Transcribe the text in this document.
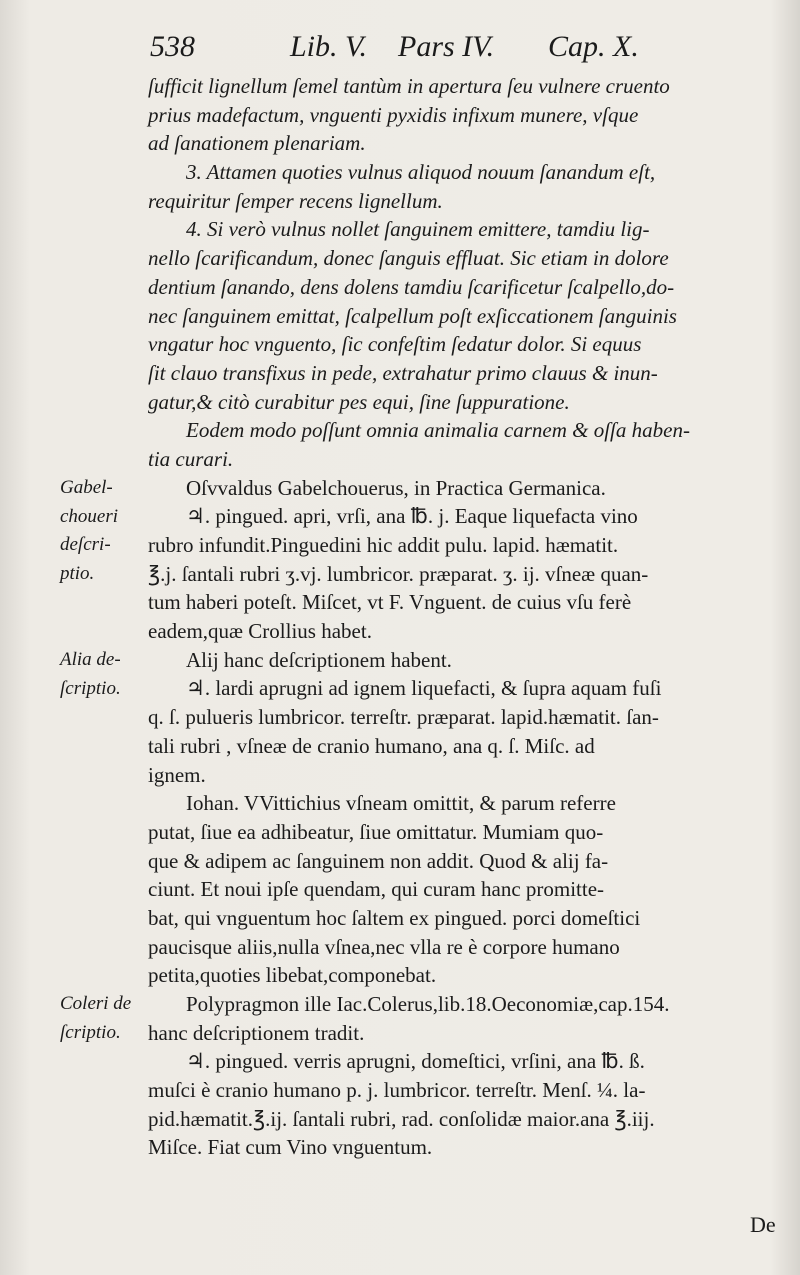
538	Lib. V. Pars IV. Cap. X.
ſufficit lignellum ſemel tantùm in apertura ſeu vulnere cruento
prius madefactum, vnguenti pyxidis infixum munere, vſque
ad ſanationem plenariam.
3. Attamen quoties vulnus aliquod nouum ſanandum eſt,
requiritur ſemper recens lignellum.
4. Si verò vulnus nollet ſanguinem emittere, tamdiu lig-
nello ſcarificandum, donec ſanguis effluat. Sic etiam in dolore
dentium ſanando, dens dolens tamdiu ſcarificetur ſcalpello,do-
nec ſanguinem emittat, ſcalpellum poſt exſiccationem ſanguinis
vngatur hoc vnguento, ſic confeſtim ſedatur dolor. Si equus
ſit clauo transfixus in pede, extrahatur primo clauus & inun-
gatur,& citò curabitur pes equi, ſine ſuppuratione.
Eodem modo poſſunt omnia animalia carnem & oſſa haben-
tia curari.
Oſvvaldus Gabelchouerus, in Practica Germanica.
♃. pingued. apri, vrſi, ana ℔. j. Eaque liquefacta vino
rubro infundit.Pinguedini hic addit pulu. lapid. hæmatit.
℥.j. ſantali rubri ʒ.vj. lumbricor. præparat. ʒ. ij. vſneæ quan-
tum haberi poteſt. Miſcet, vt F. Vnguent. de cuius vſu ferè
eadem,quæ Crollius habet.
Alij hanc deſcriptionem habent.
♃. lardi aprugni ad ignem liquefacti, & ſupra aquam fuſi
q. ſ. pulueris lumbricor. terreſtr. præparat. lapid.hæmatit. ſan-
tali rubri , vſneæ de cranio humano, ana q. ſ. Miſc. ad
ignem.
Iohan. VVittichius vſneam omittit, & parum referre
putat, ſiue ea adhibeatur, ſiue omittatur. Mumiam quo-
que & adipem ac ſanguinem non addit. Quod & alij fa-
ciunt. Et noui ipſe quendam, qui curam hanc promitte-
bat, qui vnguentum hoc ſaltem ex pingued. porci domeſtici
paucisque aliis,nulla vſnea,nec vlla re è corpore humano
petita,quoties libebat,componebat.
Polypragmon ille Iac.Colerus,lib.18.Oeconomiæ,cap.154.
hanc deſcriptionem tradit.
♃. pingued. verris aprugni, domeſtici, vrſini, ana ℔. ß.
muſci è cranio humano p. j. lumbricor. terreſtr. Menſ. ¼. la-
pid.hæmatit.℥.ij. ſantali rubri, rad. conſolidæ maior.ana ℥.iij.
Miſce. Fiat cum Vino vnguentum.
Gabel-
choueri
deſcri-
ptio.
Alia de-
ſcriptio.
Coleri de
ſcriptio.
De
